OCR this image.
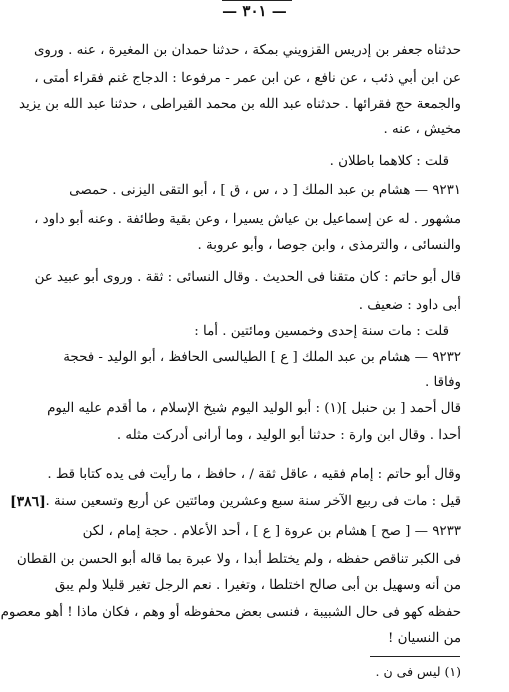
— ٣٠١ —
حدثناه جعفر بن إدريس القزويني بمكة ، حدثنا حمدان بن المغيرة ، عنه . وروى
عن ابن أبي ذئب ، عن نافع ، عن ابن عمر - مرفوعا : الدجاج غنم فقراء أمتى ،
والجمعة حج فقرائها . حدثناه عبد الله بن محمد القيراطى ، حدثنا عبد الله بن يزيد
مخيش ، عنه .
قلت : كلاهما باطلان .
٩٢٣١ — هشام بن عبد الملك [ د ، س ، ق ] ، أبو التقى اليزنى . حمصى
مشهور . له عن إسماعيل بن عياش يسيرا ، وعن بقية وطائفة . وعنه أبو داود ،
والنسائى ، والترمذى ، وابن جوصا ، وأبو عروبة .
قال أبو حاتم : كان متقنا فى الحديث . وقال النسائى : ثقة . وروى أبو عبيد عن
أبى داود : ضعيف .
قلت : مات سنة إحدى وخمسين ومائتين . أما :
٩٢٣٢ — هشام بن عبد الملك [ ع ] الطيالسى الحافظ ، أبو الوليد - فحجة
وفاقا .
قال أحمد [ بن حنبل ](١) : أبو الوليد اليوم شيخ الإسلام ، ما أقدم عليه اليوم
أحدا . وقال ابن وارة : حدثنا أبو الوليد ، وما أرانى أدركت مثله .
وقال أبو حاتم : إمام فقيه ، عاقل ثقة / ، حافظ ، ما رأيت فى يده كتابا قط .
قيل : مات فى ربيع الآخر سنة سبع وعشرين ومائتين عن أربع وتسعين سنة .
٩٢٣٣ — [ صح ] هشام بن عروة [ ع ] ، أحد الأعلام . حجة إمام ، لكن
فى الكبر تناقص حفظه ، ولم يختلط أبدا ، ولا عبرة بما قاله أبو الحسن بن القطان
من أنه وسهيل بن أبى صالح اختلطا ، وتغيرا . نعم الرجل تغير قليلا ولم يبق
حفظه كهو فى حال الشبيبة ، فنسى بعض محفوظه أو وهم ، فكان ماذا ! أهو معصوم
من النسيان !
[٣٨٦]
(١) ليس فى ن .
